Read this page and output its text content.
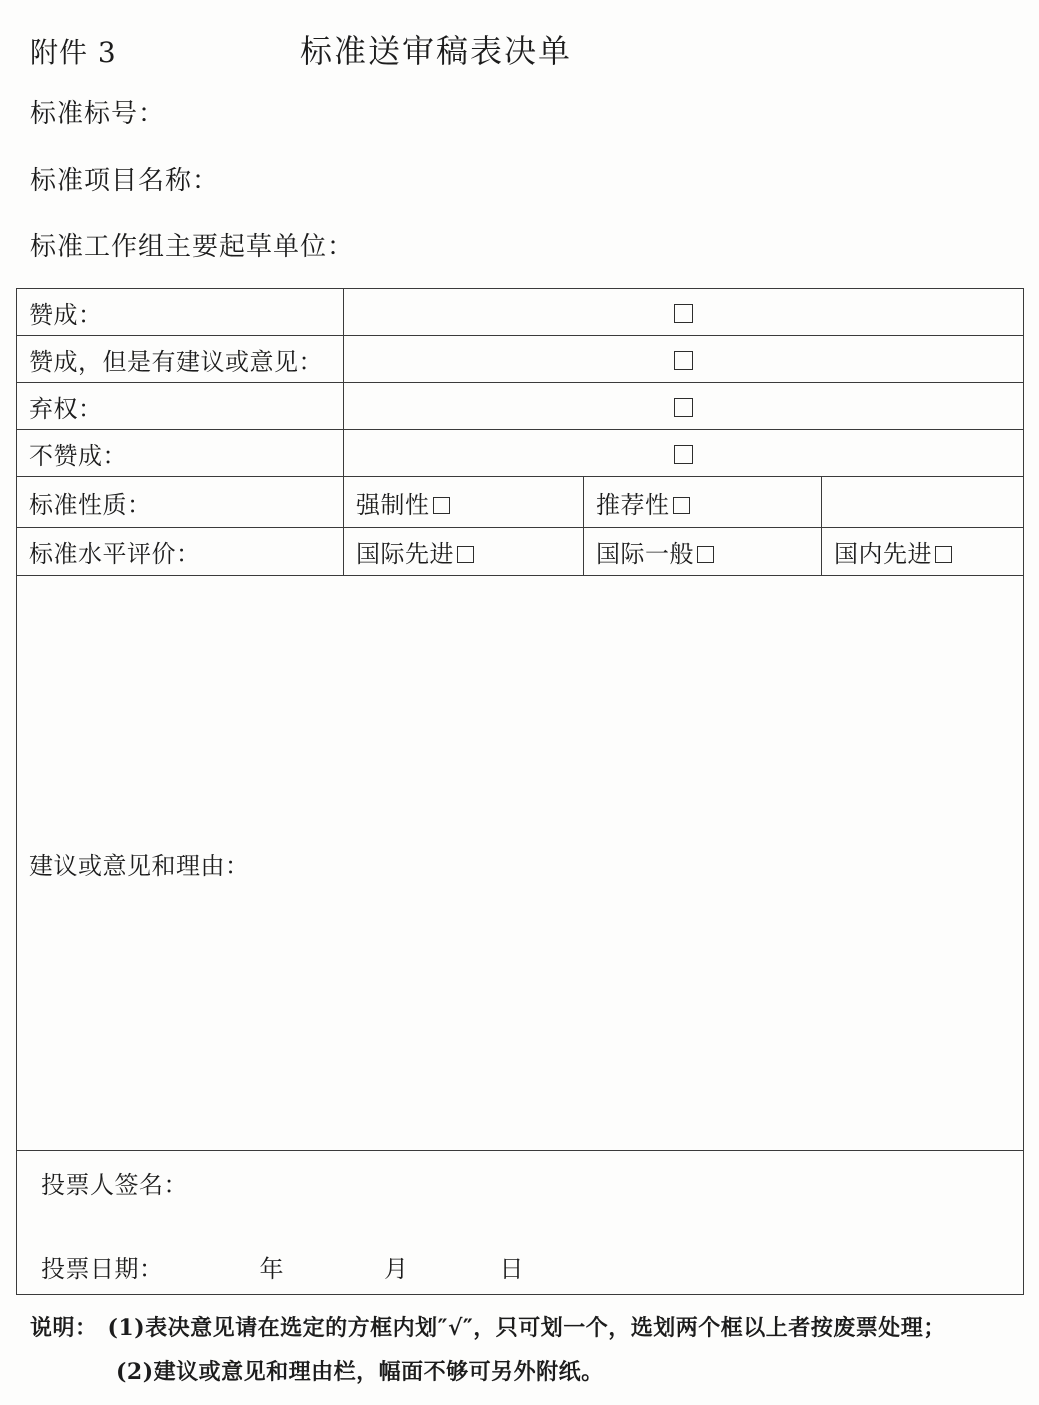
附件 3	标准送审稿表决单
标准标号：
标准项目名称：
标准工作组主要起草单位：
赞成：			
赞成，但是有建议或意见：			
弃权：			
不赞成：			
标准性质：	强制性	推荐性	
标准水平评价：	国际先进	国际一般	国内先进
建议或意见和理由：			

投票人签名：
投票日期： 年 月 日			
说明： (1)表决意见请在选定的方框内划″√″，只可划一个，选划两个框以上者按废票处理；
(2)建议或意见和理由栏，幅面不够可另外附纸。
